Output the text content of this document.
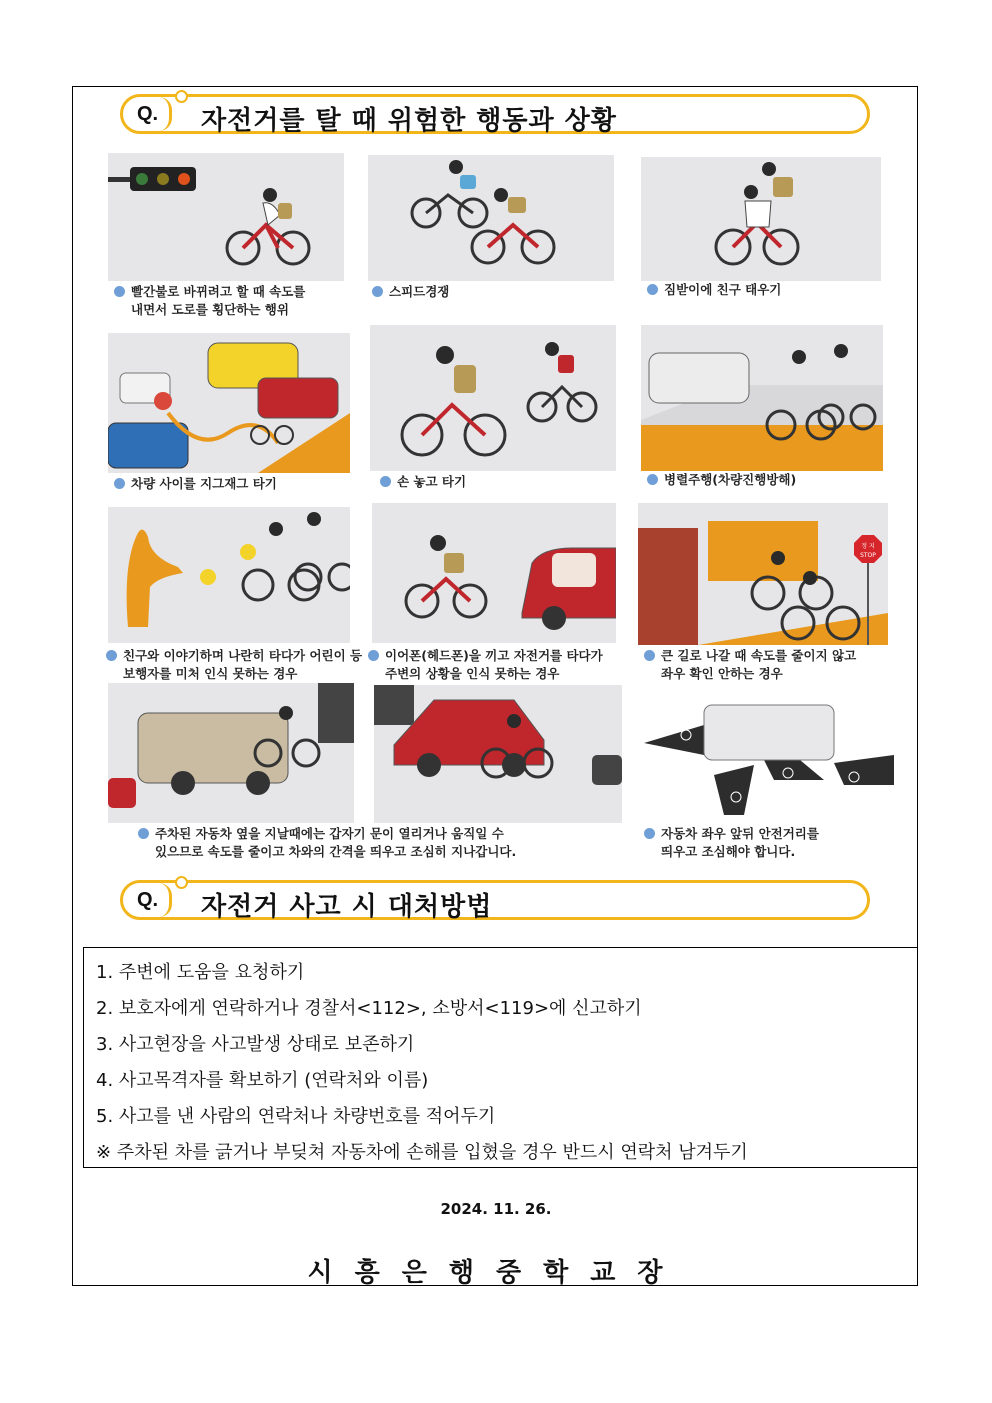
Q. 자전거를 탈 때 위험한 행동과 상황
빨간불로 바뀌려고 할 때 속도를
내면서 도로를 횡단하는 행위
스피드경쟁	짐받이에 친구 태우기
차량 사이를 지그재그 타기	손 놓고 타기	병렬주행(차량진행방해)
친구와 이야기하며 나란히 타다가 어린이 등
보행자를 미처 인식 못하는 경우
이어폰(헤드폰)을 끼고 자전거를 타다가
주변의 상황을 인식 못하는 경우
정 지
STOP
큰 길로 나갈 때 속도를 줄이지 않고
좌우 확인 안하는 경우
주차된 자동차 옆을 지날때에는 갑자기 문이 열리거나 움직일 수
있으므로 속도를 줄이고 차와의 간격을 띄우고 조심히 지나갑니다.
자동차 좌우 앞뒤 안전거리를
띄우고 조심해야 합니다.
Q. 자전거 사고 시 대처방법
1. 주변에 도움을 요청하기
2. 보호자에게 연락하거나 경찰서<112>, 소방서<119>에 신고하기
3. 사고현장을 사고발생 상태로 보존하기
4. 사고목격자를 확보하기 (연락처와 이름)
5. 사고를 낸 사람의 연락처나 차량번호를 적어두기
※ 주차된 차를 긁거나 부딪쳐 자동차에 손해를 입혔을 경우 반드시 연락처 남겨두기
2024. 11. 26.
시흥은행중학교장
